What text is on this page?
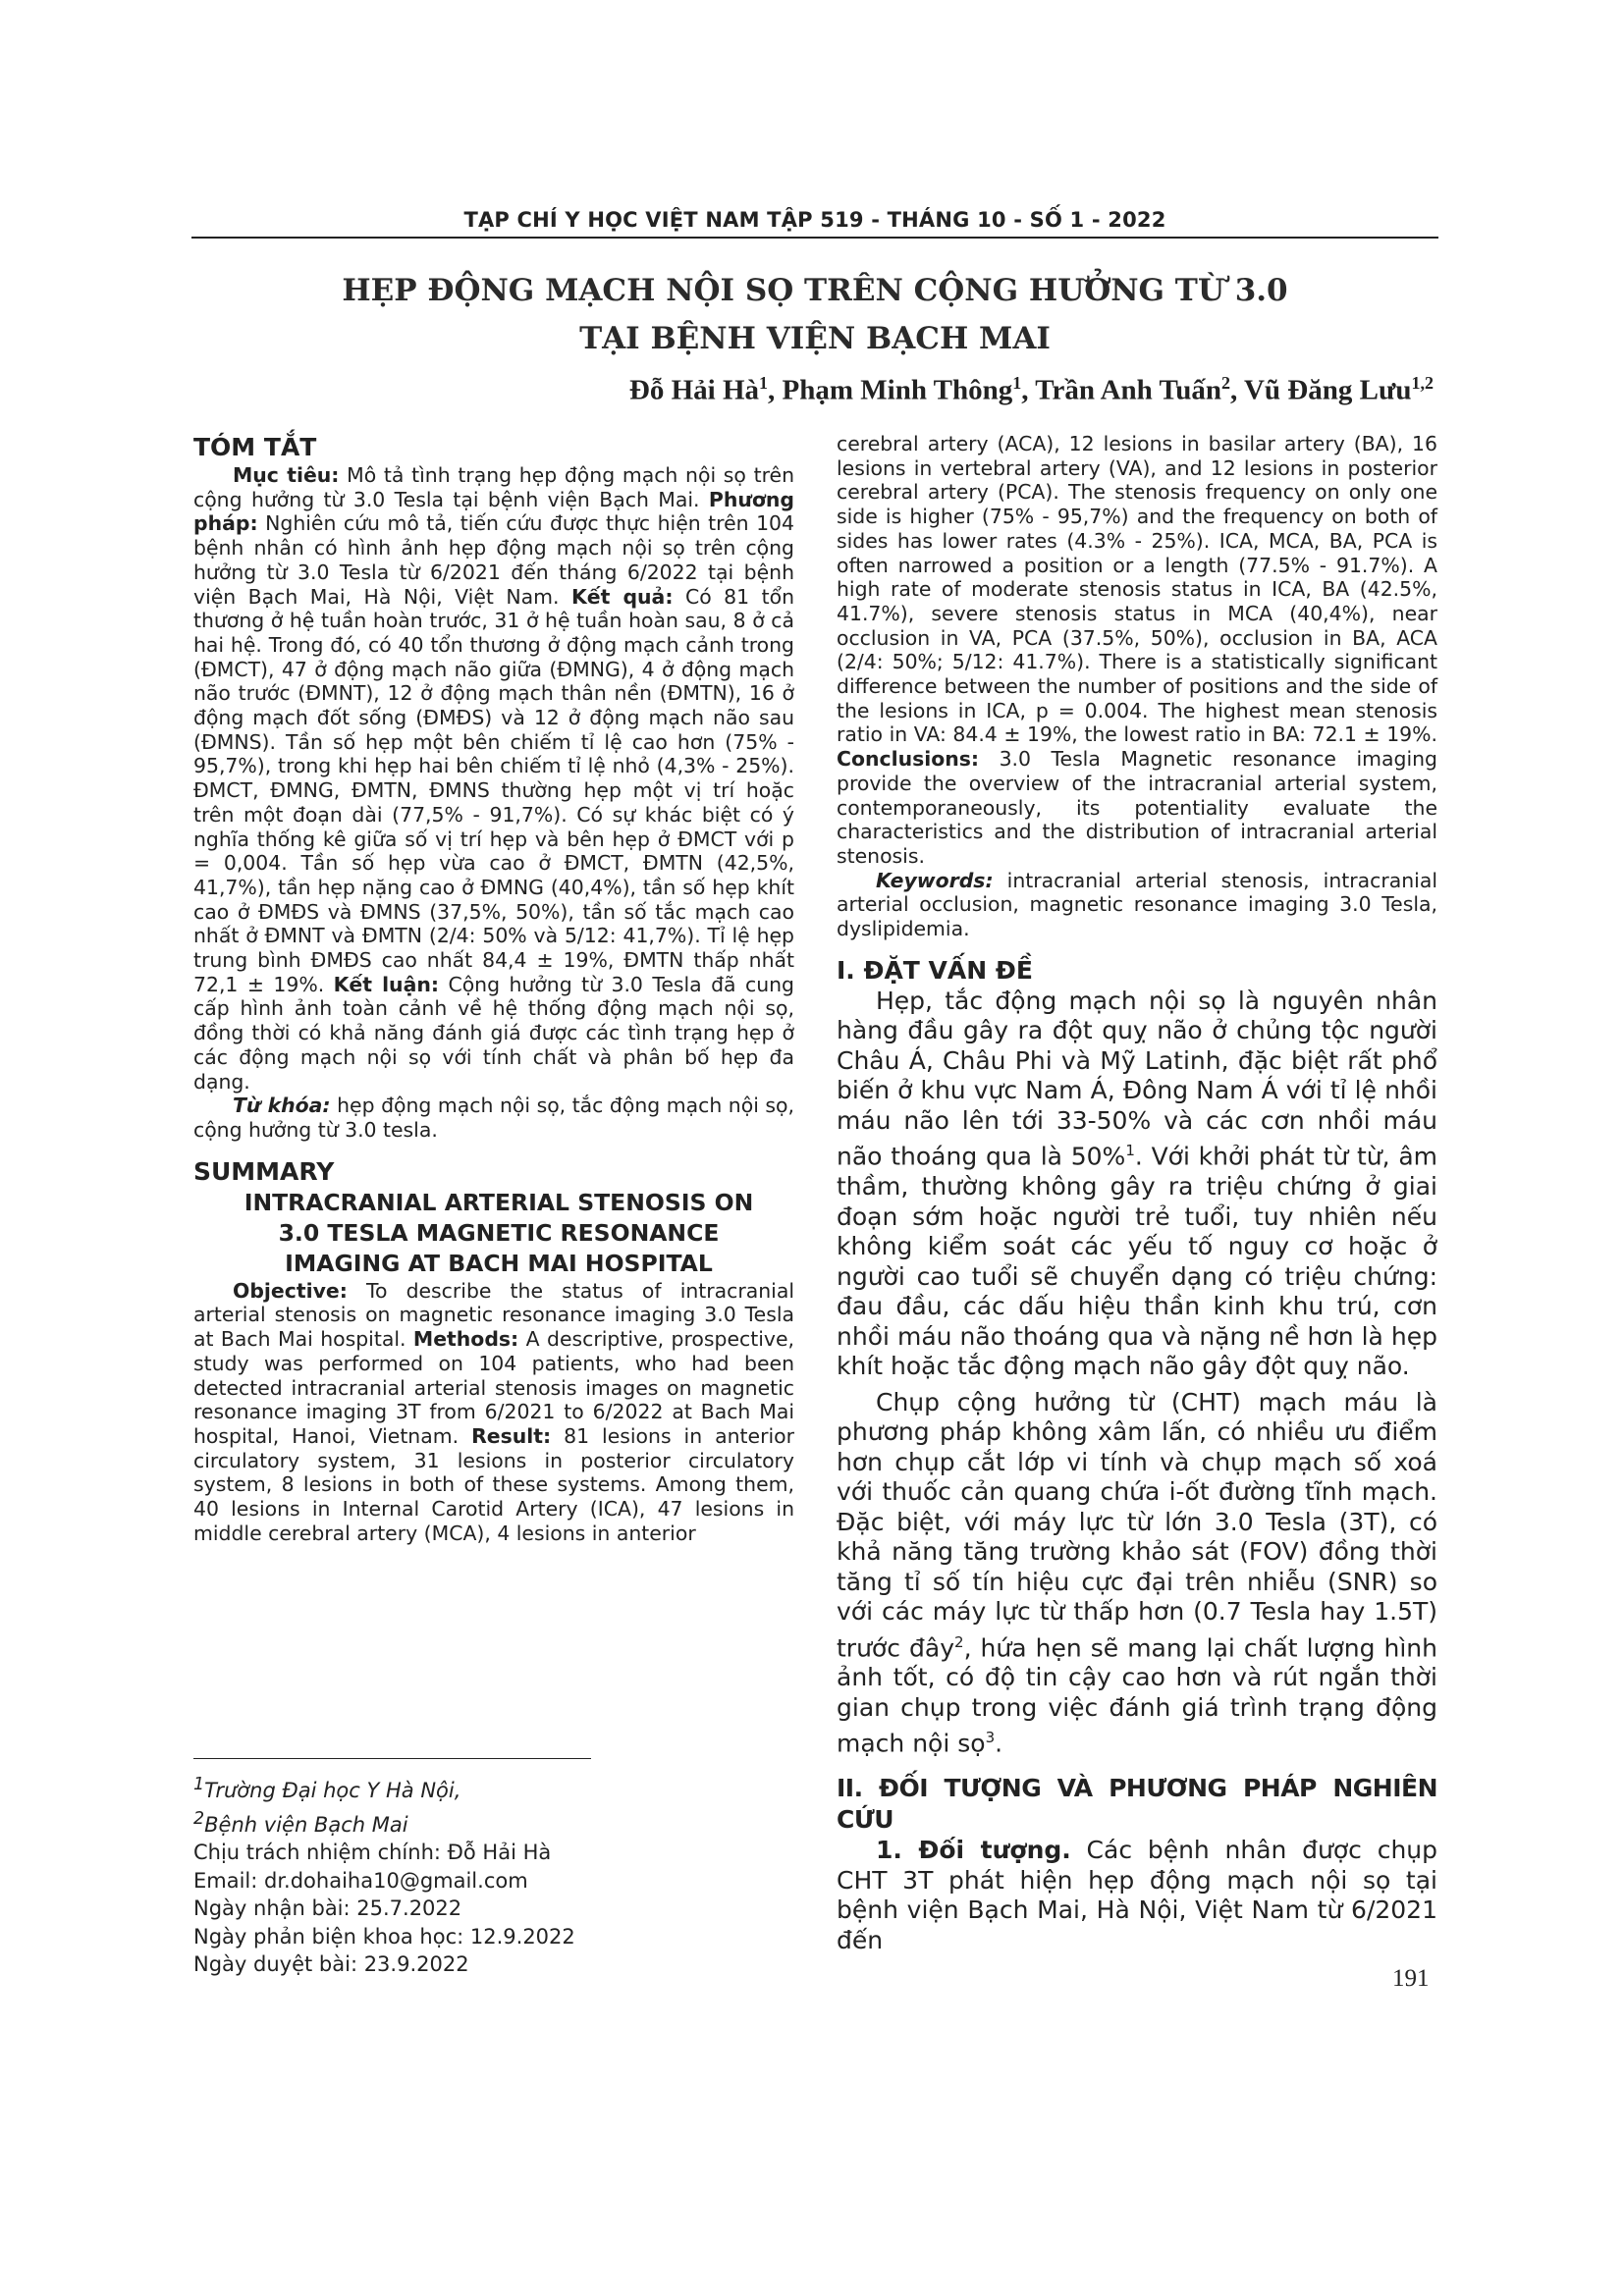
TẠP CHÍ Y HỌC VIỆT NAM TẬP 519 - THÁNG 10 - SỐ 1 - 2022
HẸP ĐỘNG MẠCH NỘI SỌ TRÊN CỘNG HƯỞNG TỪ 3.0
TẠI BỆNH VIỆN BẠCH MAI
Đỗ Hải $Hà^1$, Phạm Minh Thông$^1$, Trần Anh Tuấn$^2$, Vũ Đăng Lưu$^{1,2}$

TÓM TẮT

Mục tiêu: Mô tả tình trạng hẹp động mạch nội sọ trên cộng hưởng từ 3.0 Tesla tại bệnh viện Bạch Mai. Phương pháp: Nghiên cứu mô tả, tiến cứu được thực hiện trên 104 bệnh nhân có hình ảnh hẹp động mạch nội sọ trên cộng hưởng từ 3.0 Tesla từ 6/2021 đến tháng 6/2022 tại bệnh viện Bạch Mai, Hà Nội, Việt Nam. Kết quả: Có 81 tổn thương ở hệ tuần hoàn trước, 31 ở hệ tuần hoàn sau, 8 ở cả hai hệ. Trong đó, có 40 tổn thương ở động mạch cảnh trong (ĐMCT), 47 ở động mạch não giữa (ĐMNG), 4 ở động mạch não trước (ĐMNT), 12 ở động mạch thân nền (ĐMTN), 16 ở động mạch đốt sống (ĐMĐS) và 12 ở động mạch não sau (ĐMNS). Tần số hẹp một bên chiếm tỉ lệ cao hơn (75% - 95,7%), trong khi hẹp hai bên chiếm tỉ lệ nhỏ (4,3% - 25%). ĐMCT, ĐMNG, ĐMTN, ĐMNS thường hẹp một vị trí hoặc trên một đoạn dài (77,5% - 91,7%). Có sự khác biệt có ý nghĩa thống kê giữa số vị trí hẹp và bên hẹp ở ĐMCT với p = 0,004. Tần số hẹp vừa cao ở ĐMCT, ĐMTN (42,5%, 41,7%), tần hẹp nặng cao ở ĐMNG (40,4%), tần số hẹp khít cao ở ĐMĐS và ĐMNS (37,5%, 50%), tần số tắc mạch cao nhất ở ĐMNT và ĐMTN (2/4: 50% và 5/12: 41,7%). Tỉ lệ hẹp trung bình ĐMĐS cao nhất 84,4 ± 19%, ĐMTN thấp nhất 72,1 ± 19%. Kết luận: Cộng hưởng từ 3.0 Tesla đã cung cấp hình ảnh toàn cảnh về hệ thống động mạch nội sọ, đồng thời có khả năng đánh giá được các tình trạng hẹp ở các động mạch nội sọ với tính chất và phân bố hẹp đa dạng.

Từ khóa: hẹp động mạch nội sọ, tắc động mạch nội sọ, cộng hưởng từ 3.0 tesla.

SUMMARY

INTRACRANIAL ARTERIAL STENOSIS ON

3.0 TESLA MAGNETIC RESONANCE

IMAGING AT BACH MAI HOSPITAL

Objective: To describe the status of intracranial arterial stenosis on magnetic resonance imaging 3.0 Tesla at Bach Mai hospital. Methods: A descriptive, prospective, study was performed on 104 patients, who had been detected intracranial arterial stenosis images on magnetic resonance imaging 3T from 6/2021 to 6/2022 at Bach Mai hospital, Hanoi, Vietnam. Result: 81 lesions in anterior circulatory system, 31 lesions in posterior circulatory system, 8 lesions in both of these systems. Among them, 40 lesions in Internal Carotid Artery (ICA), 47 lesions in middle cerebral artery (MCA), 4 lesions in anterior

$^1$Trường Đại học Y Hà Nội,
$^2$Bệnh viện Bạch Mai
Chịu trách nhiệm chính: Đỗ Hải Hà
Email: dr.dohaiha10@gmail.com
Ngày nhận bài: 25.7.2022
Ngày phản biện khoa học: 12.9.2022
Ngày duyệt bài: 23.9.2022

cerebral artery (ACA), 12 lesions in basilar artery (BA), 16 lesions in vertebral artery (VA), and 12 lesions in posterior cerebral artery (PCA). The stenosis frequency on only one side is higher (75% - 95,7%) and the frequency on both of sides has lower rates (4.3% - 25%). ICA, MCA, BA, PCA is often narrowed a position or a length (77.5% - 91.7%). A high rate of moderate stenosis status in ICA, BA (42.5%, 41.7%), severe stenosis status in MCA (40,4%), near occlusion in VA, PCA (37.5%, 50%), occlusion in BA, ACA (2/4: 50%; 5/12: 41.7%). There is a statistically significant difference between the number of positions and the side of the lesions in ICA, p = 0.004. The highest mean stenosis ratio in VA: 84.4 ± 19%, the lowest ratio in BA: 72.1 ± 19%. Conclusions: 3.0 Tesla Magnetic resonance imaging provide the overview of the intracranial arterial system, contemporaneously, its potentiality evaluate the characteristics and the distribution of intracranial arterial stenosis.

Keywords: intracranial arterial stenosis, intracranial arterial occlusion, magnetic resonance imaging 3.0 Tesla, dyslipidemia.

I. ĐẶT VẤN ĐỀ

Hẹp, tắc động mạch nội sọ là nguyên nhân hàng đầu gây ra đột quỵ não ở chủng tộc người Châu Á, Châu Phi và Mỹ Latinh, đặc biệt rất phổ biến ở khu vực Nam Á, Đông Nam Á với tỉ lệ nhồi máu não lên tới 33-50% và các cơn nhồi máu não thoáng qua là 50%$^1$. Với khởi phát từ từ, âm thầm, thường không gây ra triệu chứng ở giai đoạn sớm hoặc người trẻ tuổi, tuy nhiên nếu không kiểm soát các yếu tố nguy cơ hoặc ở người cao tuổi sẽ chuyển dạng có triệu chứng: đau đầu, các dấu hiệu thần kinh khu trú, cơn nhồi máu não thoáng qua và nặng nề hơn là hẹp khít hoặc tắc động mạch não gây đột quỵ não.

Chụp cộng hưởng từ (CHT) mạch máu là phương pháp không xâm lấn, có nhiều ưu điểm hơn chụp cắt lớp vi tính và chụp mạch số xoá với thuốc cản quang chứa i-ốt đường tĩnh mạch. Đặc biệt, với máy lực từ lớn 3.0 Tesla (3T), có khả năng tăng trường khảo sát (FOV) đồng thời tăng tỉ số tín hiệu cực đại trên nhiễu (SNR) so với các máy lực từ thấp hơn (0.7 Tesla hay 1.5T) trước đây$^2$, hứa hẹn sẽ mang lại chất lượng hình ảnh tốt, có độ tin cậy cao hơn và rút ngắn thời gian chụp trong việc đánh giá trình trạng động mạch nội sọ$^3$.

II. ĐỐI TƯỢNG VÀ PHƯƠNG PHÁP NGHIÊN CỨU

1. Đối tượng. Các bệnh nhân được chụp CHT 3T phát hiện hẹp động mạch nội sọ tại bệnh viện Bạch Mai, Hà Nội, Việt Nam từ 6/2021 đến

191
